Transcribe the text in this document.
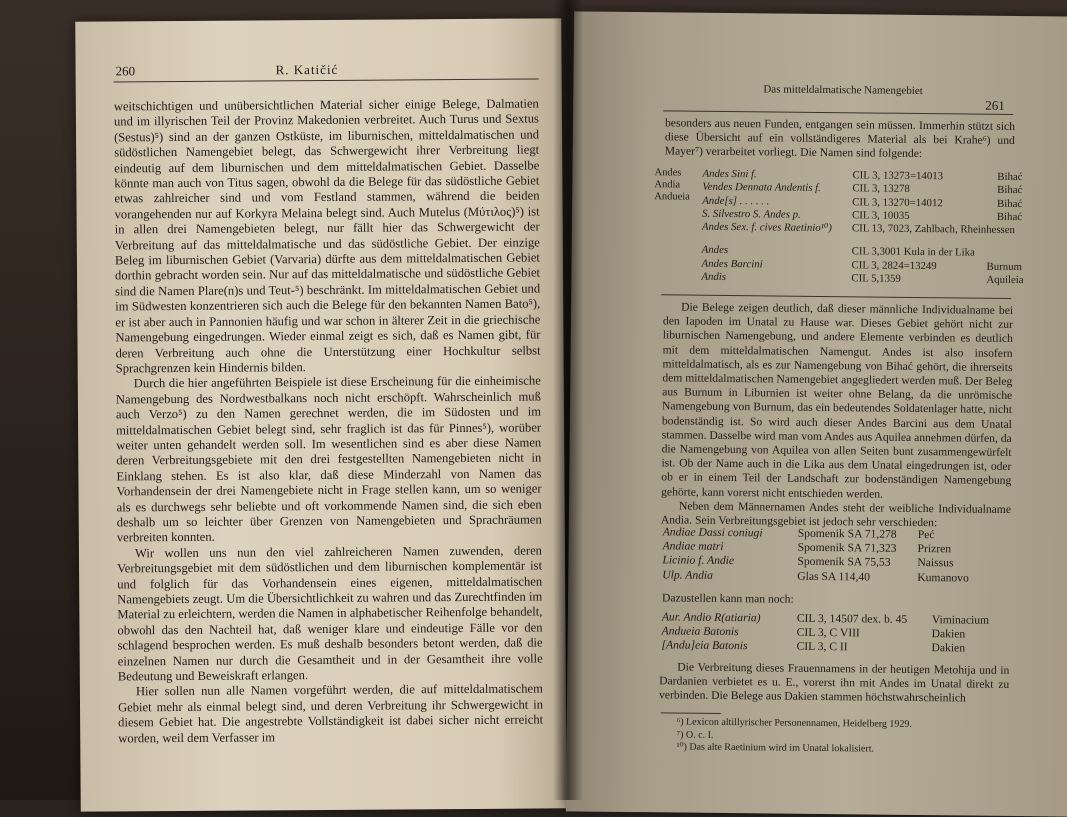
260	R. Katičić

weitschichtigen und unübersichtlichen Material sicher einige Belege, Dalmatien und im illyrischen Teil der Provinz Makedonien verbreitet. Auch Turus und Sextus (Sestus)⁵) sind an der ganzen Ostküste, im liburnischen, mitteldalmatischen und südöstlichen Namengebiet belegt, das Schwergewicht ihrer Verbreitung liegt eindeutig auf dem liburnischen und dem mitteldalmatischen Gebiet. Dasselbe könnte man auch von Titus sagen, obwohl da die Belege für das südöstliche Gebiet etwas zahlreicher sind und vom Festland stammen, während die beiden vorangehenden nur auf Korkyra Melaina belegt sind. Auch Mutelus (Μύτιλος)⁵) ist in allen drei Namengebieten belegt, nur fällt hier das Schwergewicht der Verbreitung auf das mitteldalmatische und das südöstliche Gebiet. Der einzige Beleg im liburnischen Gebiet (Varvaria) dürfte aus dem mitteldalmatischen Gebiet dorthin gebracht worden sein. Nur auf das mitteldalmatische und südöstliche Gebiet sind die Namen Plare(n)s und Teut-⁵) beschränkt. Im mitteldalmatischen Gebiet und im Südwesten konzentrieren sich auch die Belege für den bekannten Namen Bato⁵), er ist aber auch in Pannonien häufig und war schon in älterer Zeit in die griechische Namengebung eingedrungen. Wieder einmal zeigt es sich, daß es Namen gibt, für deren Verbreitung auch ohne die Unterstützung einer Hochkultur selbst Sprachgrenzen kein Hindernis bilden.

Durch die hier angeführten Beispiele ist diese Erscheinung für die einheimische Namengebung des Nordwestbalkans noch nicht erschöpft. Wahrscheinlich muß auch Verzo⁵) zu den Namen gerechnet werden, die im Südosten und im mitteldalmatischen Gebiet belegt sind, sehr fraglich ist das für Pinnes⁵), worüber weiter unten gehandelt werden soll. Im wesentlichen sind es aber diese Namen deren Verbreitungsgebiete mit den drei festgestellten Namengebieten nicht in Einklang stehen. Es ist also klar, daß diese Minderzahl von Namen das Vorhandensein der drei Namengebiete nicht in Frage stellen kann, um so weniger als es durchwegs sehr beliebte und oft vorkommende Namen sind, die sich eben deshalb um so leichter über Grenzen von Namengebieten und Sprachräumen verbreiten konnten.

Wir wollen uns nun den viel zahlreicheren Namen zuwenden, deren Verbreitungsgebiet mit dem südöstlichen und dem liburnischen komplementär ist und folglich für das Vorhandensein eines eigenen, mitteldalmatischen Namengebiets zeugt. Um die Übersichtlichkeit zu wahren und das Zurechtfinden im Material zu erleichtern, werden die Namen in alphabetischer Reihenfolge behandelt, obwohl das den Nachteil hat, daß weniger klare und eindeutige Fälle vor den schlagend besprochen werden. Es muß deshalb besonders betont werden, daß die einzelnen Namen nur durch die Gesamtheit und in der Gesamtheit ihre volle Bedeutung und Beweiskraft erlangen.

Hier sollen nun alle Namen vorgeführt werden, die auf mitteldalmatischem Gebiet mehr als einmal belegt sind, und deren Verbreitung ihr Schwergewicht in diesem Gebiet hat. Die angestrebte Vollständigkeit ist dabei sicher nicht erreicht worden, weil dem Verfasser im

Das mitteldalmatische Namengebiet
261
besonders aus neuen Funden, entgangen sein müssen. Immerhin stützt sich diese Übersicht auf ein vollständigeres Material als bei Krahe⁶) und Mayer⁷) verarbeitet vorliegt. Die Namen sind folgende:
Andes
Andia
Andueia
Andes Sini f.	CIL 3, 13273=14013	Bihać
Vendes Dennata Andentis f.	CIL 3, 13278	Bihać
Ande[s] . . . . . .	CIL 3, 13270=14012	Bihać
S. Silvestro S. Andes p.	CIL 3, 10035	Bihać
Andes Sex. f. cives Raetinio¹⁰)	CIL 13, 7023, Zahlbach, Rheinhessen
Andes	CIL 3,3001 Kula in der Lika
Andes Barcini	CIL 3, 2824=13249	Burnum
Andis	CIL 5,1359	Aquileia

Die Belege zeigen deutlich, daß dieser männliche Individualname bei den Iapoden im Unatal zu Hause war. Dieses Gebiet gehört nicht zur liburnischen Namengebung, und andere Elemente verbinden es deutlich mit dem mitteldalmatischen Namengut. Andes ist also insofern mitteldalmatisch, als es zur Namengebung von Bihać gehört, die ihrerseits dem mitteldalmatischen Namengebiet angegliedert werden muß. Der Beleg aus Burnum in Liburnien ist weiter ohne Belang, da die unrömische Namengebung von Burnum, das ein bedeutendes Soldatenlager hatte, nicht bodenständig ist. So wird auch dieser Andes Barcini aus dem Unatal stammen. Dasselbe wird man vom Andes aus Aquilea annehmen dürfen, da die Namengebung von Aquilea von allen Seiten bunt zusammengewürfelt ist. Ob der Name auch in die Lika aus dem Unatal eingedrungen ist, oder ob er in einem Teil der Landschaft zur bodenständigen Namengebung gehörte, kann vorerst nicht entschieden werden.

Neben dem Männernamen Andes steht der weibliche Individualname Andia. Sein Verbreitungsgebiet ist jedoch sehr verschieden:

Andiae Dassi coniugi	Spomenik SA 71,278	Peć
Andiae matri	Spomenik SA 71,323	Prizren
Licinio f. Andie	Spomenik SA 75,53	Naissus
Ulp. Andia	Glas SA 114,40	Kumanovo
Dazustellen kann man noch:
Aur. Andio R(atiaria)	CIL 3, 14507 dex. b. 45	Viminacium
Andueia Batonis	CIL 3, C VIII	Dakien
[Andu]eia Batonis	CIL 3, C II	Dakien

Die Verbreitung dieses Frauennamens in der heutigen Metohija und in Dardanien verbietet es u. E., vorerst ihn mit Andes im Unatal direkt zu verbinden. Die Belege aus Dakien stammen höchstwahrscheinlich

⁶) Lexicon altillyrischer Personennamen, Heidelberg 1929.
⁷) O. c. I.
¹⁰) Das alte Raetinium wird im Unatal lokalisiert.
